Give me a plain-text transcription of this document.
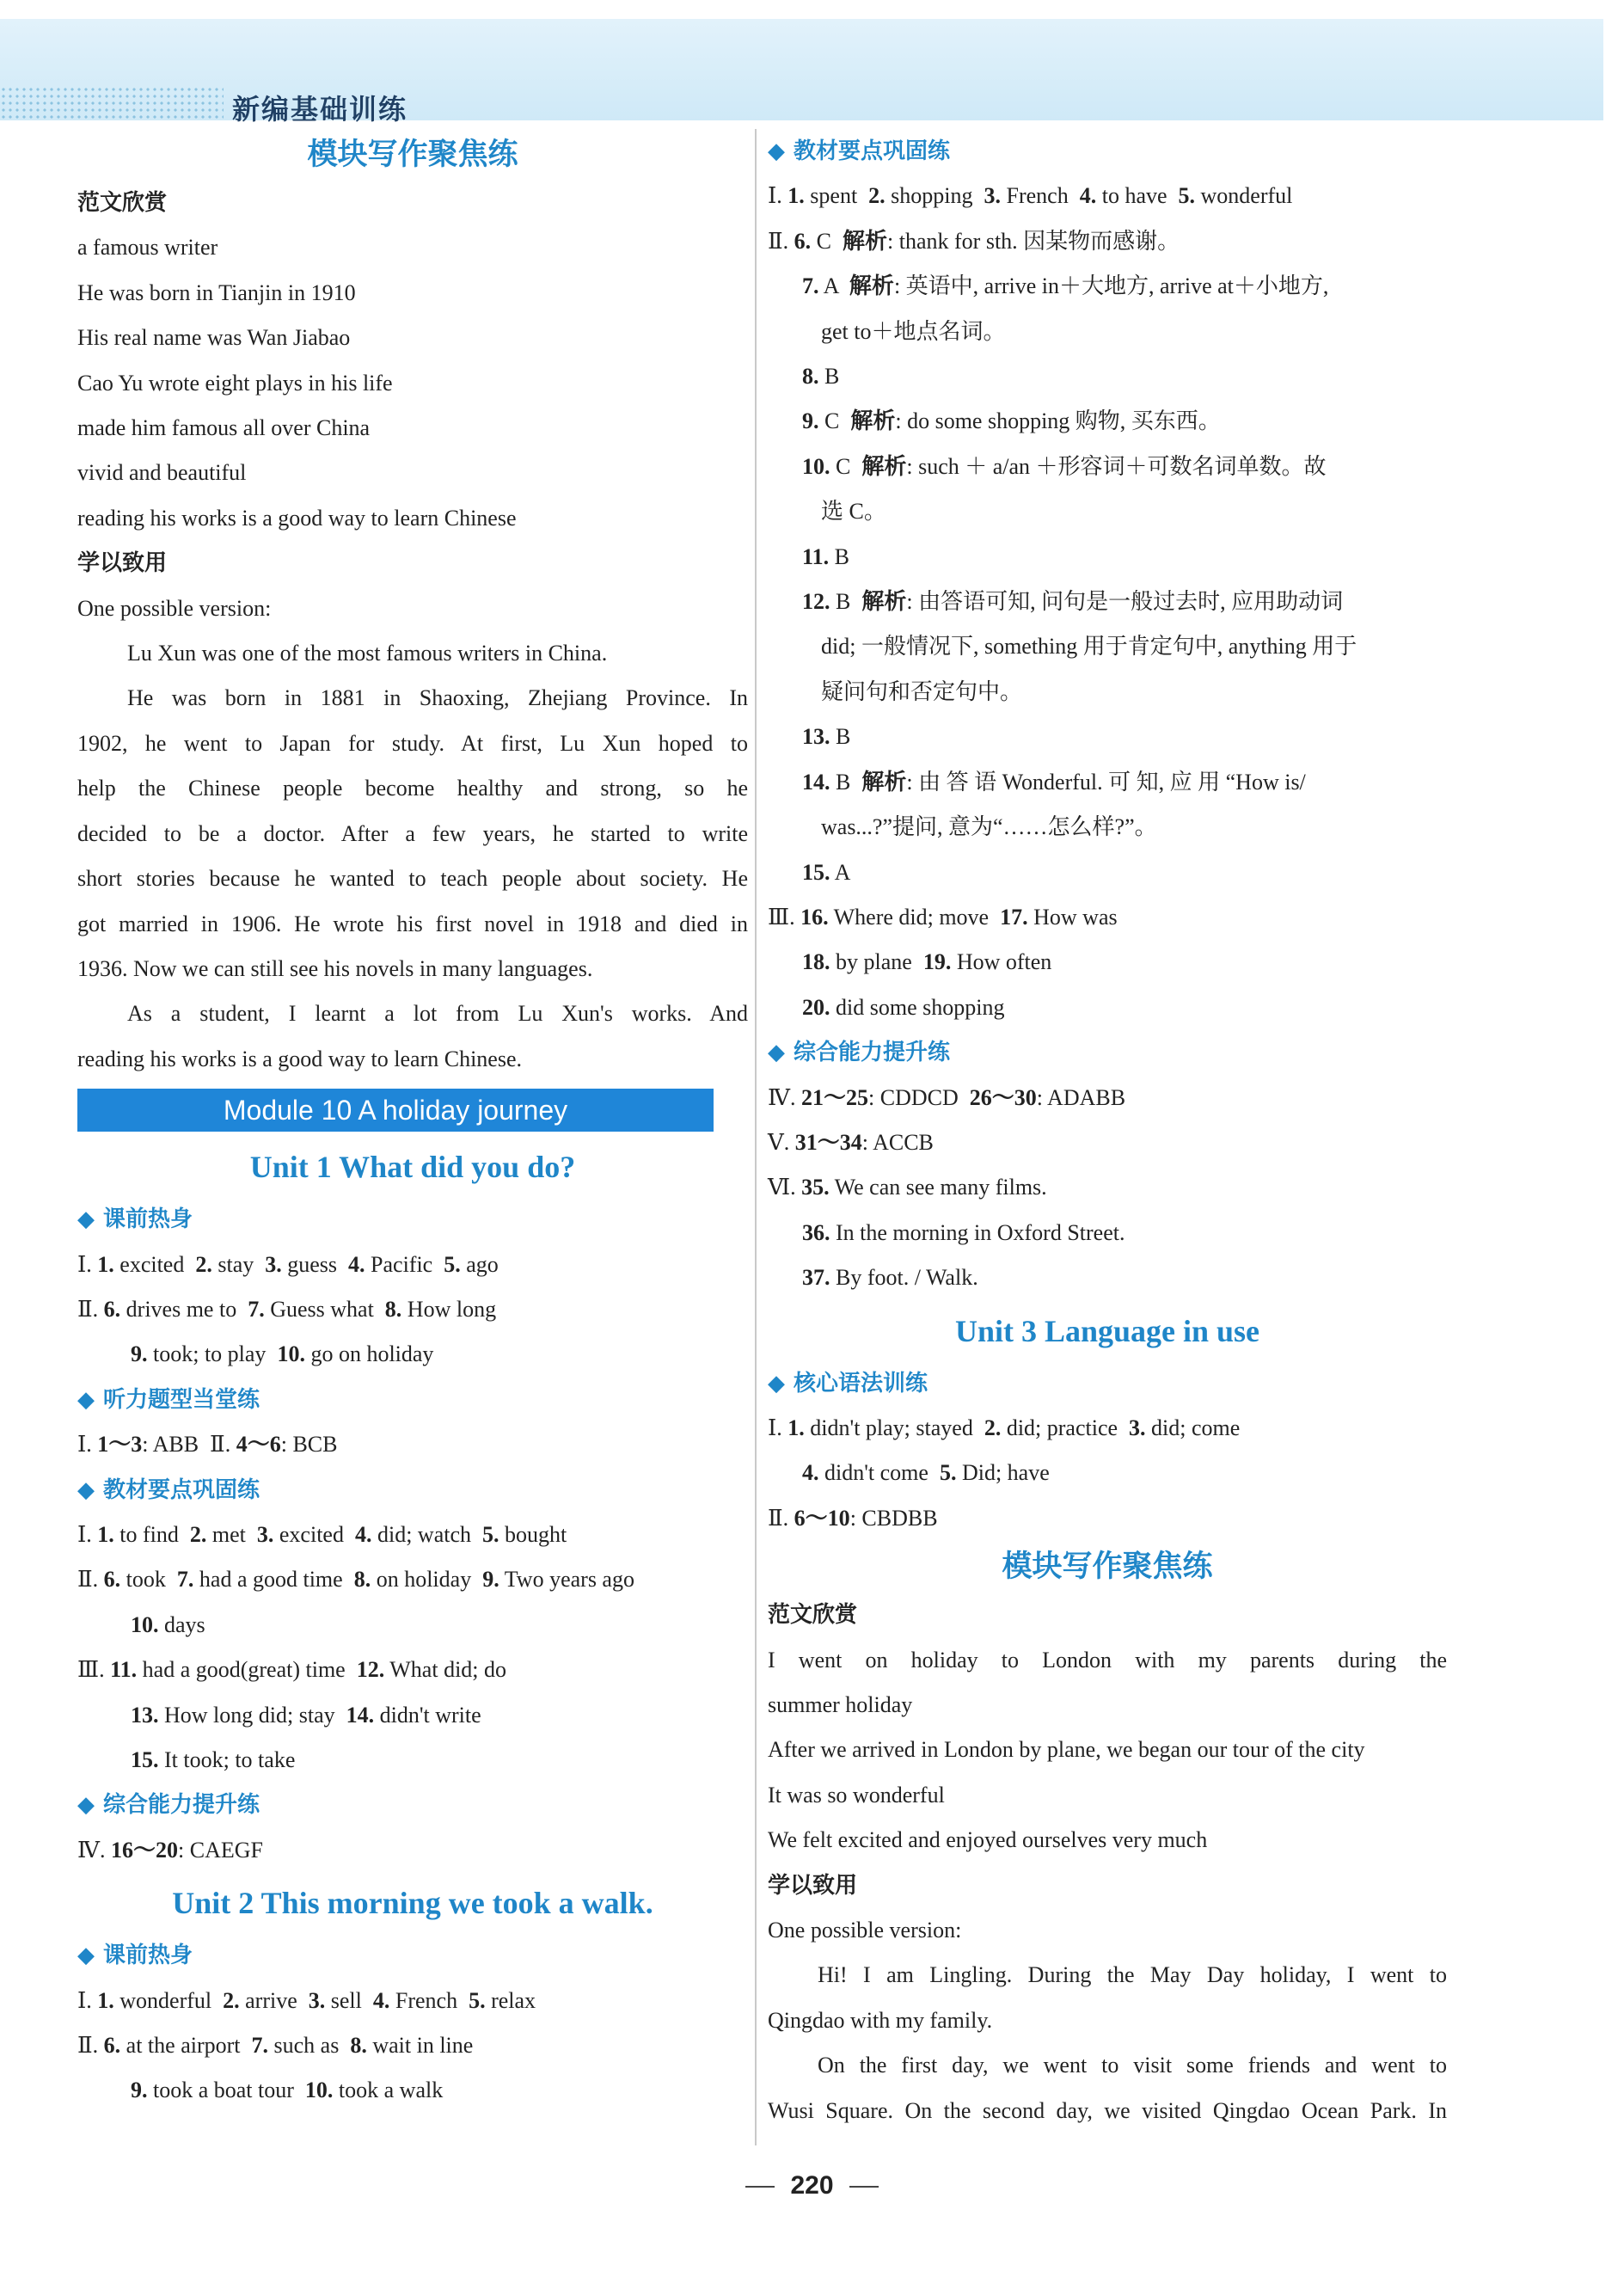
新编基础训练
模块写作聚焦练
范文欣赏
a famous writer
He was born in Tianjin in 1910
His real name was Wan Jiabao
Cao Yu wrote eight plays in his life
made him famous all over China
vivid and beautiful
reading his works is a good way to learn Chinese
学以致用
One possible version:
Lu Xun was one of the most famous writers in China.
He was born in 1881 in Shaoxing, Zhejiang Province. In
1902, he went to Japan for study. At first, Lu Xun hoped to
help the Chinese people become healthy and strong, so he
decided to be a doctor. After a few years, he started to write
short stories because he wanted to teach people about society. He
got married in 1906. He wrote his first novel in 1918 and died in
1936. Now we can still see his novels in many languages.
As a student, I learnt a lot from Lu Xun's works. And
reading his works is a good way to learn Chinese.
Module 10 A holiday journey
Unit 1 What did you do?
◆ 课前热身
Ⅰ. 1. excited  2. stay  3. guess  4. Pacific  5. ago
Ⅱ. 6. drives me to  7. Guess what  8. How long
9. took; to play  10. go on holiday
◆ 听力题型当堂练
Ⅰ. 1～3: ABB  Ⅱ. 4～6: BCB
◆ 教材要点巩固练
Ⅰ. 1. to find  2. met  3. excited  4. did; watch  5. bought
Ⅱ. 6. took  7. had a good time  8. on holiday  9. Two years ago
10. days
Ⅲ. 11. had a good(great) time  12. What did; do
13. How long did; stay  14. didn't write
15. It took; to take
◆ 综合能力提升练
Ⅳ. 16～20: CAEGF
Unit 2 This morning we took a walk.
◆ 课前热身
Ⅰ. 1. wonderful  2. arrive  3. sell  4. French  5. relax
Ⅱ. 6. at the airport  7. such as  8. wait in line
9. took a boat tour  10. took a walk
◆ 教材要点巩固练
Ⅰ. 1. spent  2. shopping  3. French  4. to have  5. wonderful
Ⅱ. 6. C  解析: thank for sth. 因某物而感谢。
7. A  解析: 英语中, arrive in＋大地方, arrive at＋小地方,
get to＋地点名词。
8. B
9. C  解析: do some shopping 购物, 买东西。
10. C  解析: such ＋ a/an ＋形容词＋可数名词单数。故
选 C。
11. B
12. B  解析: 由答语可知, 问句是一般过去时, 应用助动词
did; 一般情况下, something 用于肯定句中, anything 用于
疑问句和否定句中。
13. B
14. B  解析: 由 答 语 Wonderful. 可 知, 应 用 “How is/
was...?”提问, 意为“……怎么样?”。
15. A
Ⅲ. 16. Where did; move  17. How was
18. by plane  19. How often
20. did some shopping
◆ 综合能力提升练
Ⅳ. 21～25: CDDCD  26～30: ADABB
Ⅴ. 31～34: ACCB
Ⅵ. 35. We can see many films.
36. In the morning in Oxford Street.
37. By foot. / Walk.
Unit 3 Language in use
◆ 核心语法训练
Ⅰ. 1. didn't play; stayed  2. did; practice  3. did; come
4. didn't come  5. Did; have
Ⅱ. 6～10: CBDBB
模块写作聚焦练
范文欣赏
I went on holiday to London with my parents during the
summer holiday
After we arrived in London by plane, we began our tour of the city
It was so wonderful
We felt excited and enjoyed ourselves very much
学以致用
One possible version:
Hi! I am Lingling. During the May Day holiday, I went to
Qingdao with my family.
On the first day, we went to visit some friends and went to
Wusi Square. On the second day, we visited Qingdao Ocean Park. In
220
